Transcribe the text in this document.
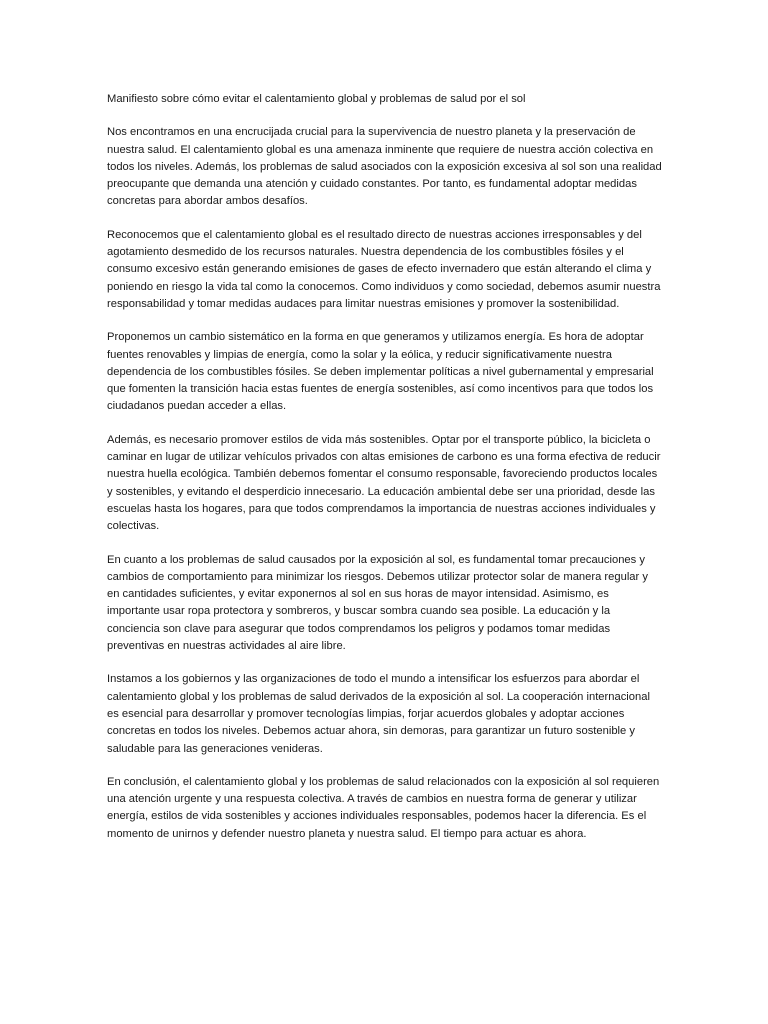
Manifiesto sobre cómo evitar el calentamiento global y problemas de salud por el sol

Nos encontramos en una encrucijada crucial para la supervivencia de nuestro planeta y la preservación de nuestra salud. El calentamiento global es una amenaza inminente que requiere de nuestra acción colectiva en todos los niveles. Además, los problemas de salud asociados con la exposición excesiva al sol son una realidad preocupante que demanda una atención y cuidado constantes. Por tanto, es fundamental adoptar medidas concretas para abordar ambos desafíos.

Reconocemos que el calentamiento global es el resultado directo de nuestras acciones irresponsables y del agotamiento desmedido de los recursos naturales. Nuestra dependencia de los combustibles fósiles y el consumo excesivo están generando emisiones de gases de efecto invernadero que están alterando el clima y poniendo en riesgo la vida tal como la conocemos. Como individuos y como sociedad, debemos asumir nuestra responsabilidad y tomar medidas audaces para limitar nuestras emisiones y promover la sostenibilidad.

Proponemos un cambio sistemático en la forma en que generamos y utilizamos energía. Es hora de adoptar fuentes renovables y limpias de energía, como la solar y la eólica, y reducir significativamente nuestra dependencia de los combustibles fósiles. Se deben implementar políticas a nivel gubernamental y empresarial que fomenten la transición hacia estas fuentes de energía sostenibles, así como incentivos para que todos los ciudadanos puedan acceder a ellas.

Además, es necesario promover estilos de vida más sostenibles. Optar por el transporte público, la bicicleta o caminar en lugar de utilizar vehículos privados con altas emisiones de carbono es una forma efectiva de reducir nuestra huella ecológica. También debemos fomentar el consumo responsable, favoreciendo productos locales y sostenibles, y evitando el desperdicio innecesario. La educación ambiental debe ser una prioridad, desde las escuelas hasta los hogares, para que todos comprendamos la importancia de nuestras acciones individuales y colectivas.

En cuanto a los problemas de salud causados por la exposición al sol, es fundamental tomar precauciones y cambios de comportamiento para minimizar los riesgos. Debemos utilizar protector solar de manera regular y en cantidades suficientes, y evitar exponernos al sol en sus horas de mayor intensidad. Asimismo, es importante usar ropa protectora y sombreros, y buscar sombra cuando sea posible. La educación y la conciencia son clave para asegurar que todos comprendamos los peligros y podamos tomar medidas preventivas en nuestras actividades al aire libre.

Instamos a los gobiernos y las organizaciones de todo el mundo a intensificar los esfuerzos para abordar el calentamiento global y los problemas de salud derivados de la exposición al sol. La cooperación internacional es esencial para desarrollar y promover tecnologías limpias, forjar acuerdos globales y adoptar acciones concretas en todos los niveles. Debemos actuar ahora, sin demoras, para garantizar un futuro sostenible y saludable para las generaciones venideras.

En conclusión, el calentamiento global y los problemas de salud relacionados con la exposición al sol requieren una atención urgente y una respuesta colectiva. A través de cambios en nuestra forma de generar y utilizar energía, estilos de vida sostenibles y acciones individuales responsables, podemos hacer la diferencia. Es el momento de unirnos y defender nuestro planeta y nuestra salud. El tiempo para actuar es ahora.
